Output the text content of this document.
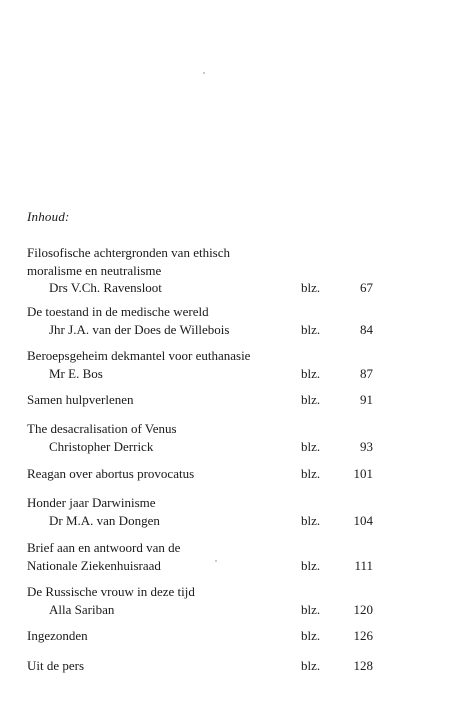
Inhoud:
Filosofische achtergronden van ethisch
moralisme en neutralisme
Drs V.Ch. Ravensloot	blz.	67
De toestand in de medische wereld
Jhr J.A. van der Does de Willebois	blz.	84
Beroepsgeheim dekmantel voor euthanasie
Mr E. Bos	blz.	87
Samen hulpverlenen	blz.	91
The desacralisation of Venus
Christopher Derrick	blz.	93
Reagan over abortus provocatus	blz.	101
Honder jaar Darwinisme
Dr M.A. van Dongen	blz.	104
Brief aan en antwoord van de
Nationale Ziekenhuisraad	blz.	111
De Russische vrouw in deze tijd
Alla Sariban	blz.	120
Ingezonden	blz.	126
Uit de pers	blz.	128
